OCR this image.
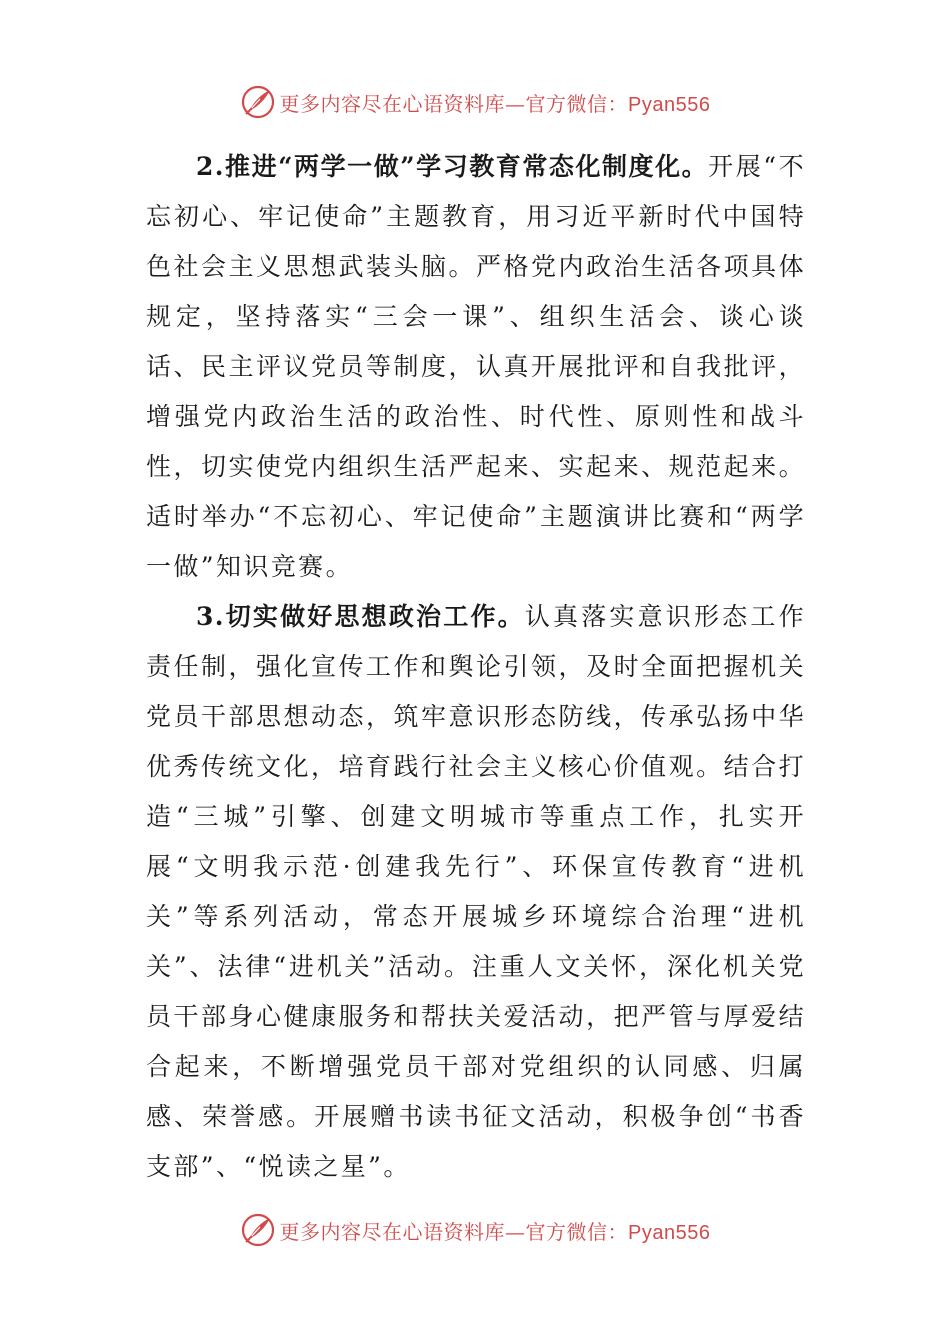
更多内容尽在心语资料库—官方微信：Pyan556

2.推进“两学一做”学习教育常态化制度化。开展“不忘初心、牢记使命”主题教育，用习近平新时代中国特色社会主义思想武装头脑。严格党内政治生活各项具体规定，坚持落实“三会一课”、组织生活会、谈心谈话、民主评议党员等制度，认真开展批评和自我批评，增强党内政治生活的政治性、时代性、原则性和战斗性，切实使党内组织生活严起来、实起来、规范起来。适时举办“不忘初心、牢记使命”主题演讲比赛和“两学一做”知识竞赛。

3.切实做好思想政治工作。认真落实意识形态工作责任制，强化宣传工作和舆论引领，及时全面把握机关党员干部思想动态，筑牢意识形态防线，传承弘扬中华优秀传统文化，培育践行社会主义核心价值观。结合打造“三城”引擎、创建文明城市等重点工作，扎实开展“文明我示范·创建我先行”、环保宣传教育“进机关”等系列活动，常态开展城乡环境综合治理“进机关”、法律“进机关”活动。注重人文关怀，深化机关党员干部身心健康服务和帮扶关爱活动，把严管与厚爱结合起来，不断增强党员干部对党组织的认同感、归属感、荣誉感。开展赠书读书征文活动，积极争创“书香支部”、“悦读之星”。

更多内容尽在心语资料库—官方微信：Pyan556
